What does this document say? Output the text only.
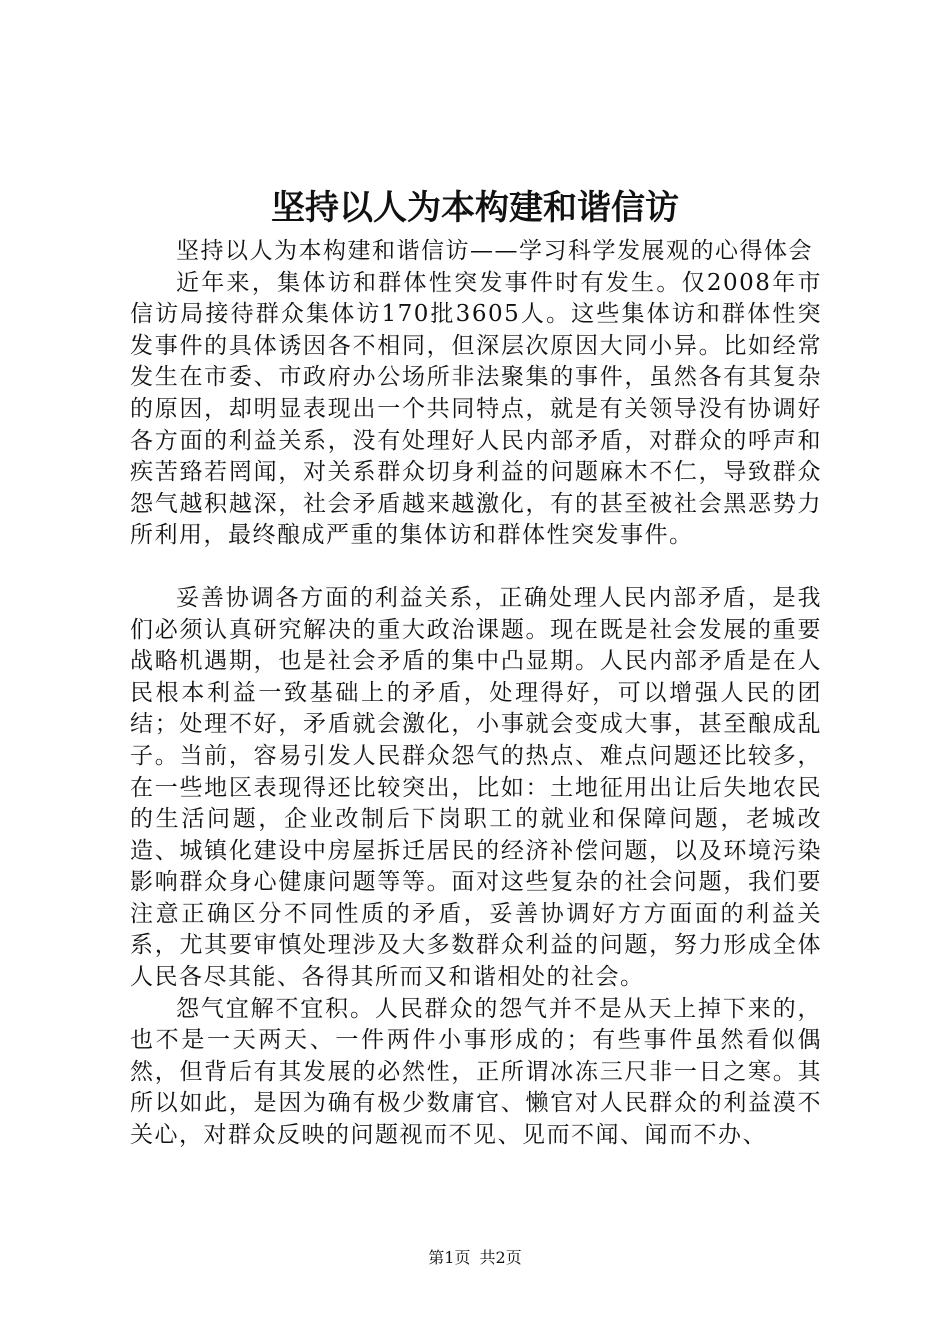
坚持以人为本构建和谐信访

坚持以人为本构建和谐信访——学习科学发展观的心得体会

近年来，集体访和群体性突发事件时有发生。仅2008年市信访局接待群众集体访170批3605人。这些集体访和群体性突发事件的具体诱因各不相同，但深层次原因大同小异。比如经常发生在市委、市政府办公场所非法聚集的事件，虽然各有其复杂的原因，却明显表现出一个共同特点，就是有关领导没有协调好各方面的利益关系，没有处理好人民内部矛盾，对群众的呼声和疾苦臵若罔闻，对关系群众切身利益的问题麻木不仁，导致群众怨气越积越深，社会矛盾越来越激化，有的甚至被社会黑恶势力所利用，最终酿成严重的集体访和群体性突发事件。

妥善协调各方面的利益关系，正确处理人民内部矛盾，是我们必须认真研究解决的重大政治课题。现在既是社会发展的重要战略机遇期，也是社会矛盾的集中凸显期。人民内部矛盾是在人民根本利益一致基础上的矛盾，处理得好，可以增强人民的团结；处理不好，矛盾就会激化，小事就会变成大事，甚至酿成乱子。当前，容易引发人民群众怨气的热点、难点问题还比较多，在一些地区表现得还比较突出，比如：土地征用出让后失地农民的生活问题，企业改制后下岗职工的就业和保障问题，老城改造、城镇化建设中房屋拆迁居民的经济补偿问题，以及环境污染影响群众身心健康问题等等。面对这些复杂的社会问题，我们要注意正确区分不同性质的矛盾，妥善协调好方方面面的利益关系，尤其要审慎处理涉及大多数群众利益的问题，努力形成全体人民各尽其能、各得其所而又和谐相处的社会。

怨气宜解不宜积。人民群众的怨气并不是从天上掉下来的，也不是一天两天、一件两件小事形成的；有些事件虽然看似偶然，但背后有其发展的必然性，正所谓冰冻三尺非一日之寒。其所以如此，是因为确有极少数庸官、懒官对人民群众的利益漠不关心，对群众反映的问题视而不见、见而不闻、闻而不办、

第1页 共2页
